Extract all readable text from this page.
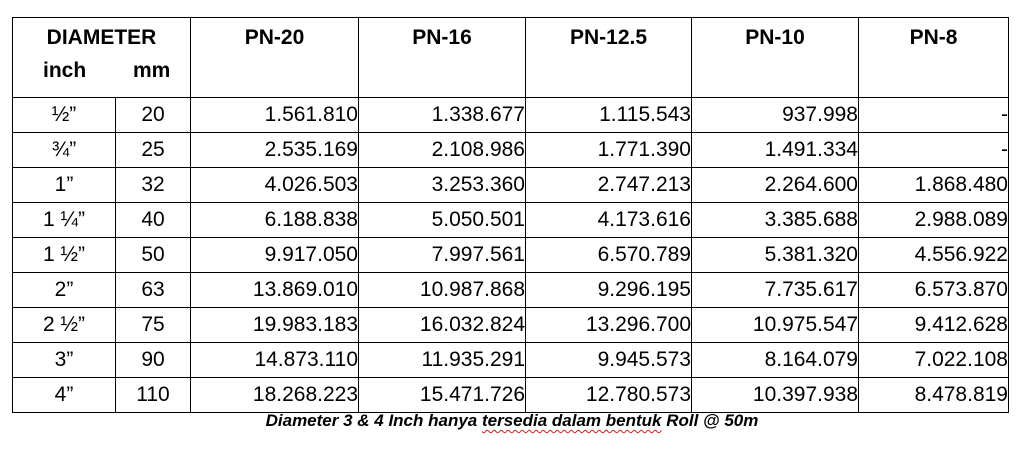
DIAMETER
inch mm		PN-20	PN-16	PN-12.5	PN-10	PN-8
½”	20	1.561.810	1.338.677	1.115.543	937.998	-
¾”	25	2.535.169	2.108.986	1.771.390	1.491.334	-
1”	32	4.026.503	3.253.360	2.747.213	2.264.600	1.868.480
1 ¼”	40	6.188.838	5.050.501	4.173.616	3.385.688	2.988.089
1 ½”	50	9.917.050	7.997.561	6.570.789	5.381.320	4.556.922
2”	63	13.869.010	10.987.868	9.296.195	7.735.617	6.573.870
2 ½”	75	19.983.183	16.032.824	13.296.700	10.975.547	9.412.628
3”	90	14.873.110	11.935.291	9.945.573	8.164.079	7.022.108
4”	110	18.268.223	15.471.726	12.780.573	10.397.938	8.478.819
Diameter 3 & 4 Inch hanya tersedia dalam bentuk Roll @ 50m
